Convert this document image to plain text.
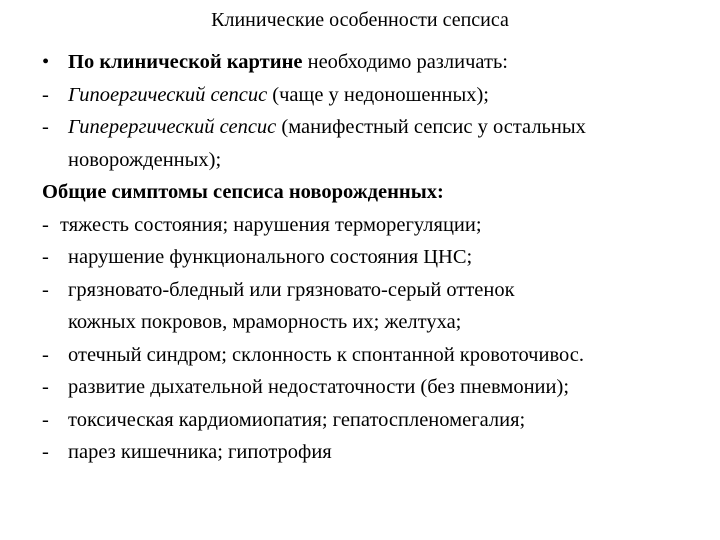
Клинические особенности сепсиса
• По клинической картине необходимо различать:
- Гипоергический сепсис (чаще у недоношенных);
- Гиперергический сепсис (манифестный сепсис у остальных
новорожденных);
Общие симптомы сепсиса новорожденных:
- тяжесть состояния; нарушения терморегуляции;
- нарушение функционального состояния ЦНС;
- грязновато-бледный или грязновато-серый оттенок
кожных покровов, мраморность их; желтуха;
- отечный синдром; склонность к спонтанной кровоточивос.
- развитие дыхательной недостаточности (без пневмонии);
- токсическая кардиомиопатия; гепатоспленомегалия;
- парез кишечника; гипотрофия
